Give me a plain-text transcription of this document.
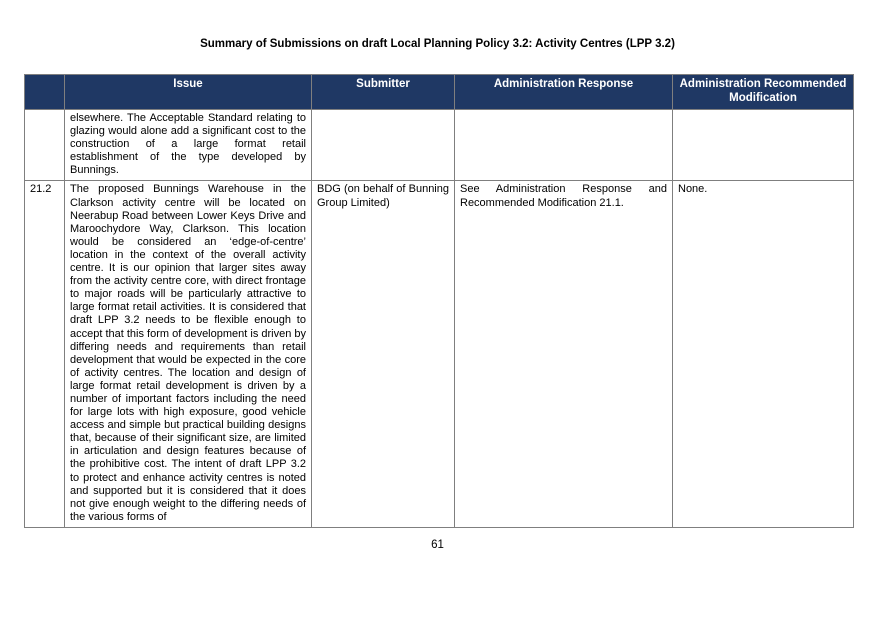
Summary of Submissions on draft Local Planning Policy 3.2: Activity Centres (LPP 3.2)
	Issue	Submitter	Administration Response	Administration Recommended Modification
	elsewhere. The Acceptable Standard relating to glazing would alone add a significant cost to the construction of a large format retail establishment of the type developed by Bunnings.			
21.2	The proposed Bunnings Warehouse in the Clarkson activity centre will be located on Neerabup Road between Lower Keys Drive and Maroochydore Way, Clarkson. This location would be considered an ‘edge-of-centre’ location in the context of the overall activity centre. It is our opinion that larger sites away from the activity centre core, with direct frontage to major roads will be particularly attractive to large format retail activities. It is considered that draft LPP 3.2 needs to be flexible enough to accept that this form of development is driven by differing needs and requirements than retail development that would be expected in the core of activity centres. The location and design of large format retail development is driven by a number of important factors including the need for large lots with high exposure, good vehicle access and simple but practical building designs that, because of their significant size, are limited in articulation and design features because of the prohibitive cost. The intent of draft LPP 3.2 to protect and enhance activity centres is noted and supported but it is considered that it does not give enough weight to the differing needs of the various forms of	BDG (on behalf of Bunning Group Limited)	See Administration Response and Recommended Modification 21.1.	None.
61
